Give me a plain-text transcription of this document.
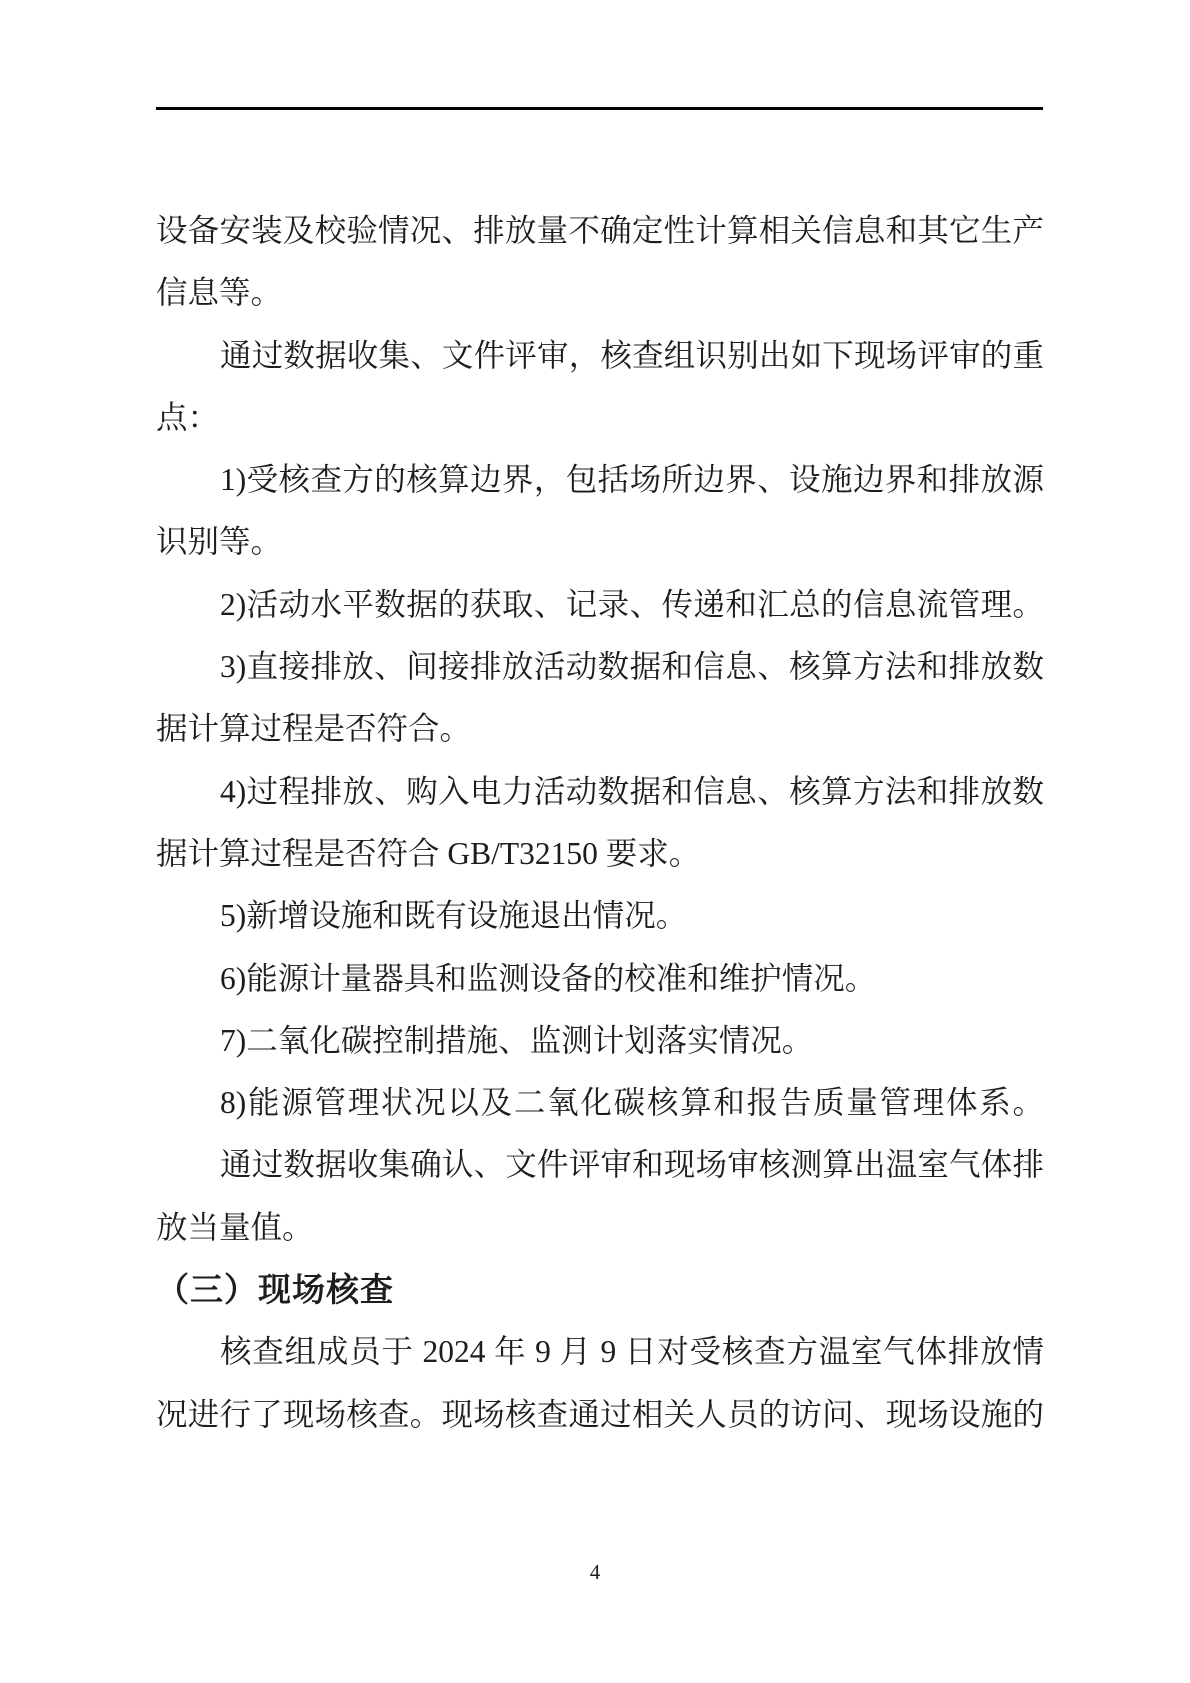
设备安装及校验情况、排放量不确定性计算相关信息和其它生产
信息等。
通过数据收集、文件评审，核查组识别出如下现场评审的重
点：
1)受核查方的核算边界，包括场所边界、设施边界和排放源
识别等。
2)活动水平数据的获取、记录、传递和汇总的信息流管理。
3)直接排放、间接排放活动数据和信息、核算方法和排放数
据计算过程是否符合。
4)过程排放、购入电力活动数据和信息、核算方法和排放数
据计算过程是否符合 GB/T32150 要求。
5)新增设施和既有设施退出情况。
6)能源计量器具和监测设备的校准和维护情况。
7)二氧化碳控制措施、监测计划落实情况。
8)能源管理状况以及二氧化碳核算和报告质量管理体系。
通过数据收集确认、文件评审和现场审核测算出温室气体排
放当量值。
（三）现场核查
核查组成员于 2024 年 9 月 9 日对受核查方温室气体排放情
况进行了现场核查。现场核查通过相关人员的访问、现场设施的
4
